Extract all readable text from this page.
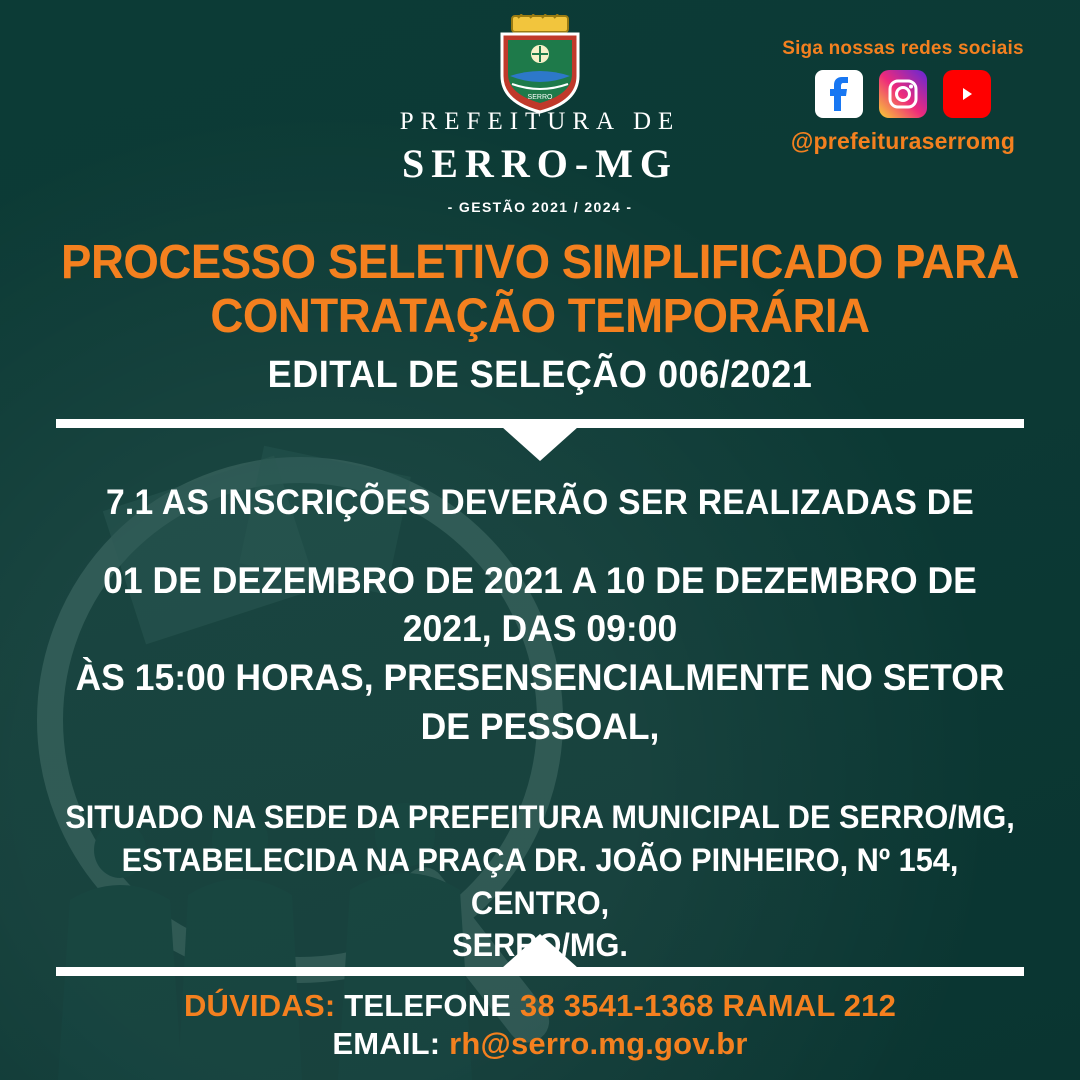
SERRO
PREFEITURA DE
SERRO-MG
- GESTÃO 2021 / 2024 -
Siga nossas redes sociais
@prefeituraserromg
PROCESSO SELETIVO SIMPLIFICADO PARA
CONTRATAÇÃO TEMPORÁRIA
EDITAL DE SELEÇÃO 006/2021
7.1 AS INSCRIÇÕES DEVERÃO SER REALIZADAS DE
01 DE DEZEMBRO DE 2021 A 10 DE DEZEMBRO DE 2021, DAS 09:00
ÀS 15:00 HORAS, PRESENSENCIALMENTE NO SETOR DE PESSOAL,
SITUADO NA SEDE DA PREFEITURA MUNICIPAL DE SERRO/MG,
ESTABELECIDA NA PRAÇA DR. JOÃO PINHEIRO, Nº 154, CENTRO,
SERRO/MG.
DÚVIDAS: TELEFONE 38 3541-1368 RAMAL 212
EMAIL: rh@serro.mg.gov.br
